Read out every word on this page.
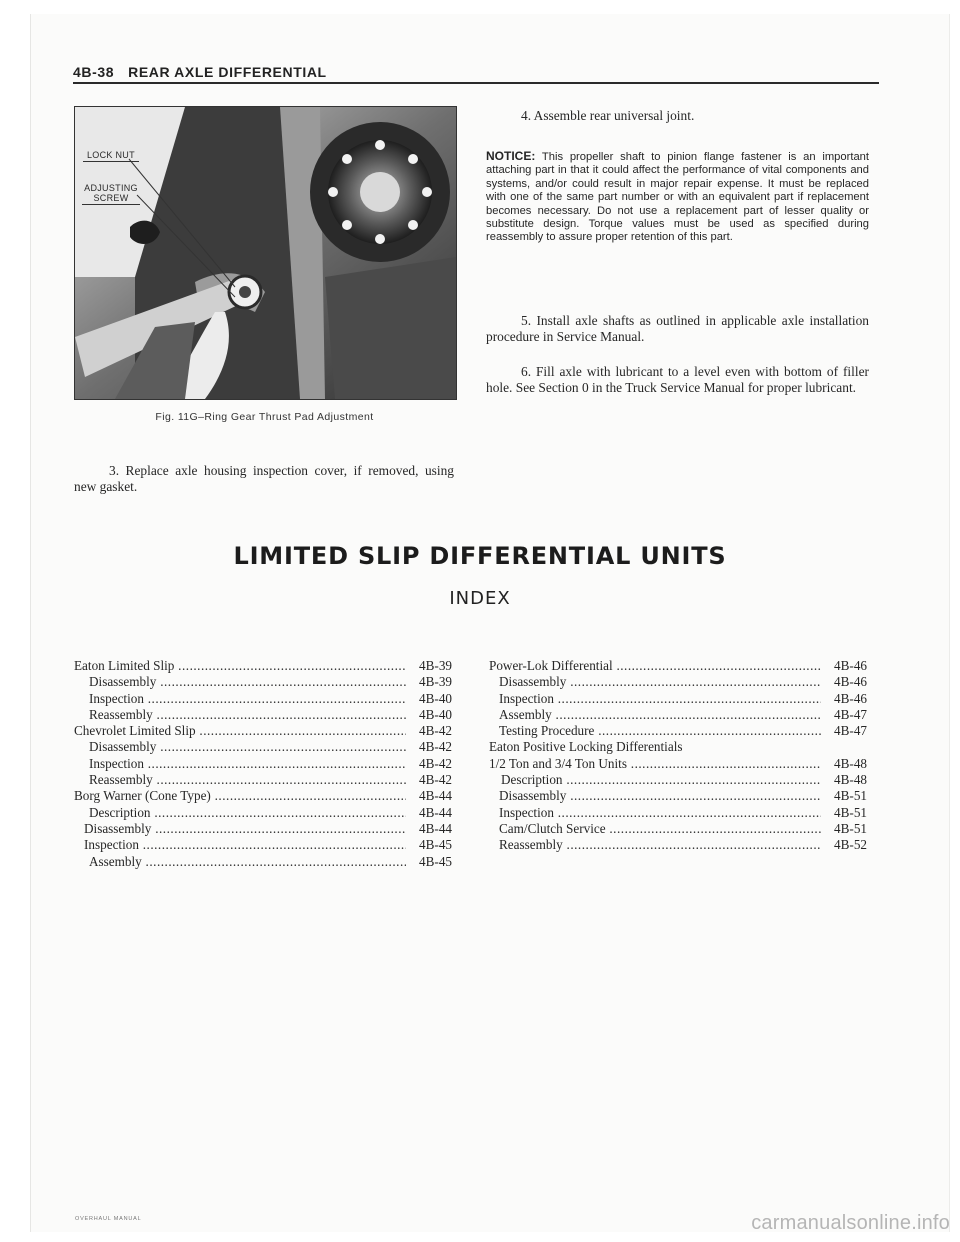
4B-38 REAR AXLE DIFFERENTIAL
LOCK NUT
ADJUSTING SCREW
Fig. 11G–Ring Gear Thrust Pad Adjustment
3. Replace axle housing inspection cover, if removed, using new gasket.
4. Assemble rear universal joint.
NOTICE: This propeller shaft to pinion flange fastener is an important attaching part in that it could affect the performance of vital components and systems, and/or could result in major repair expense. It must be replaced with one of the same part number or with an equivalent part if replacement becomes necessary. Do not use a replacement part of lesser quality or substitute design. Torque values must be used as specified during reassembly to assure proper retention of this part.
5. Install axle shafts as outlined in applicable axle installation procedure in Service Manual.
6. Fill axle with lubricant to a level even with bottom of filler hole. See Section 0 in the Truck Service Manual for proper lubricant.
LIMITED SLIP DIFFERENTIAL UNITS
INDEX
Eaton Limited Slip .....	4B-39
Disassembly .....	4B-39
Inspection .....	4B-40
Reassembly .....	4B-40
Chevrolet Limited Slip .....	4B-42
Disassembly .....	4B-42
Inspection .....	4B-42
Reassembly .....	4B-42
Borg Warner (Cone Type) .....	4B-44
Description .....	4B-44
Disassembly .....	4B-44
Inspection .....	4B-45
Assembly .....	4B-45
Power-Lok Differential .....	4B-46
Disassembly .....	4B-46
Inspection .....	4B-46
Assembly .....	4B-47
Testing Procedure .....	4B-47
Eaton Positive Locking Differentials
1/2 Ton and 3/4 Ton Units .....	4B-48
Description .....	4B-48
Disassembly .....	4B-51
Inspection .....	4B-51
Cam/Clutch Service .....	4B-51
Reassembly .....	4B-52
OVERHAUL MANUAL	carmanualsonline.info
